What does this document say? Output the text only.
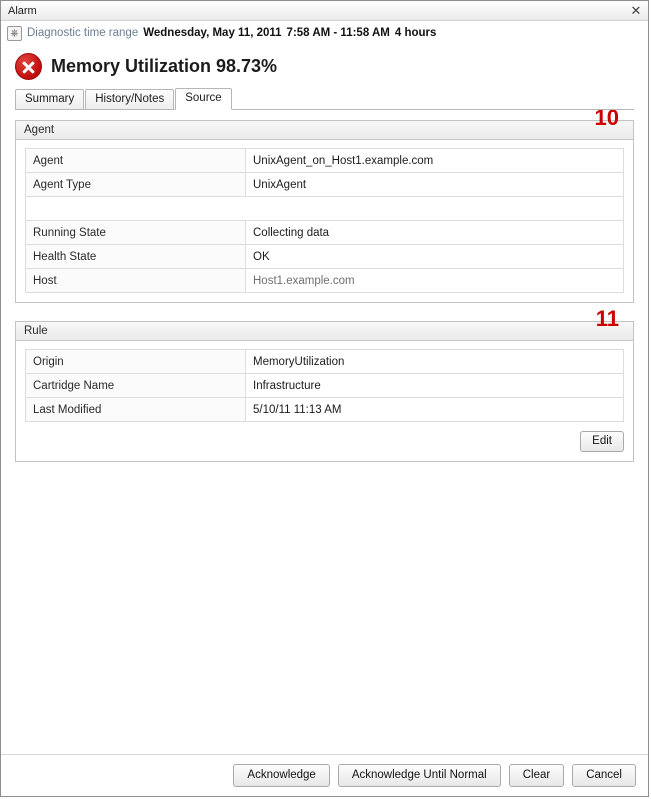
Alarm	✕
⎈ Diagnostic time range Wednesday, May 11, 2011 7:58 AM - 11:58 AM 4 hours
Memory Utilization 98.73%
Summary	History/Notes	Source
10
Agent
Agent	UnixAgent_on_Host1.example.com
Agent Type	UnixAgent

Running State	Collecting data
Health State	OK
Host	Host1.example.com
11
Rule
Origin	MemoryUtilization
Cartridge Name	Infrastructure
Last Modified	5/10/11 11:13 AM
Edit
Acknowledge	Acknowledge Until Normal	Clear	Cancel
